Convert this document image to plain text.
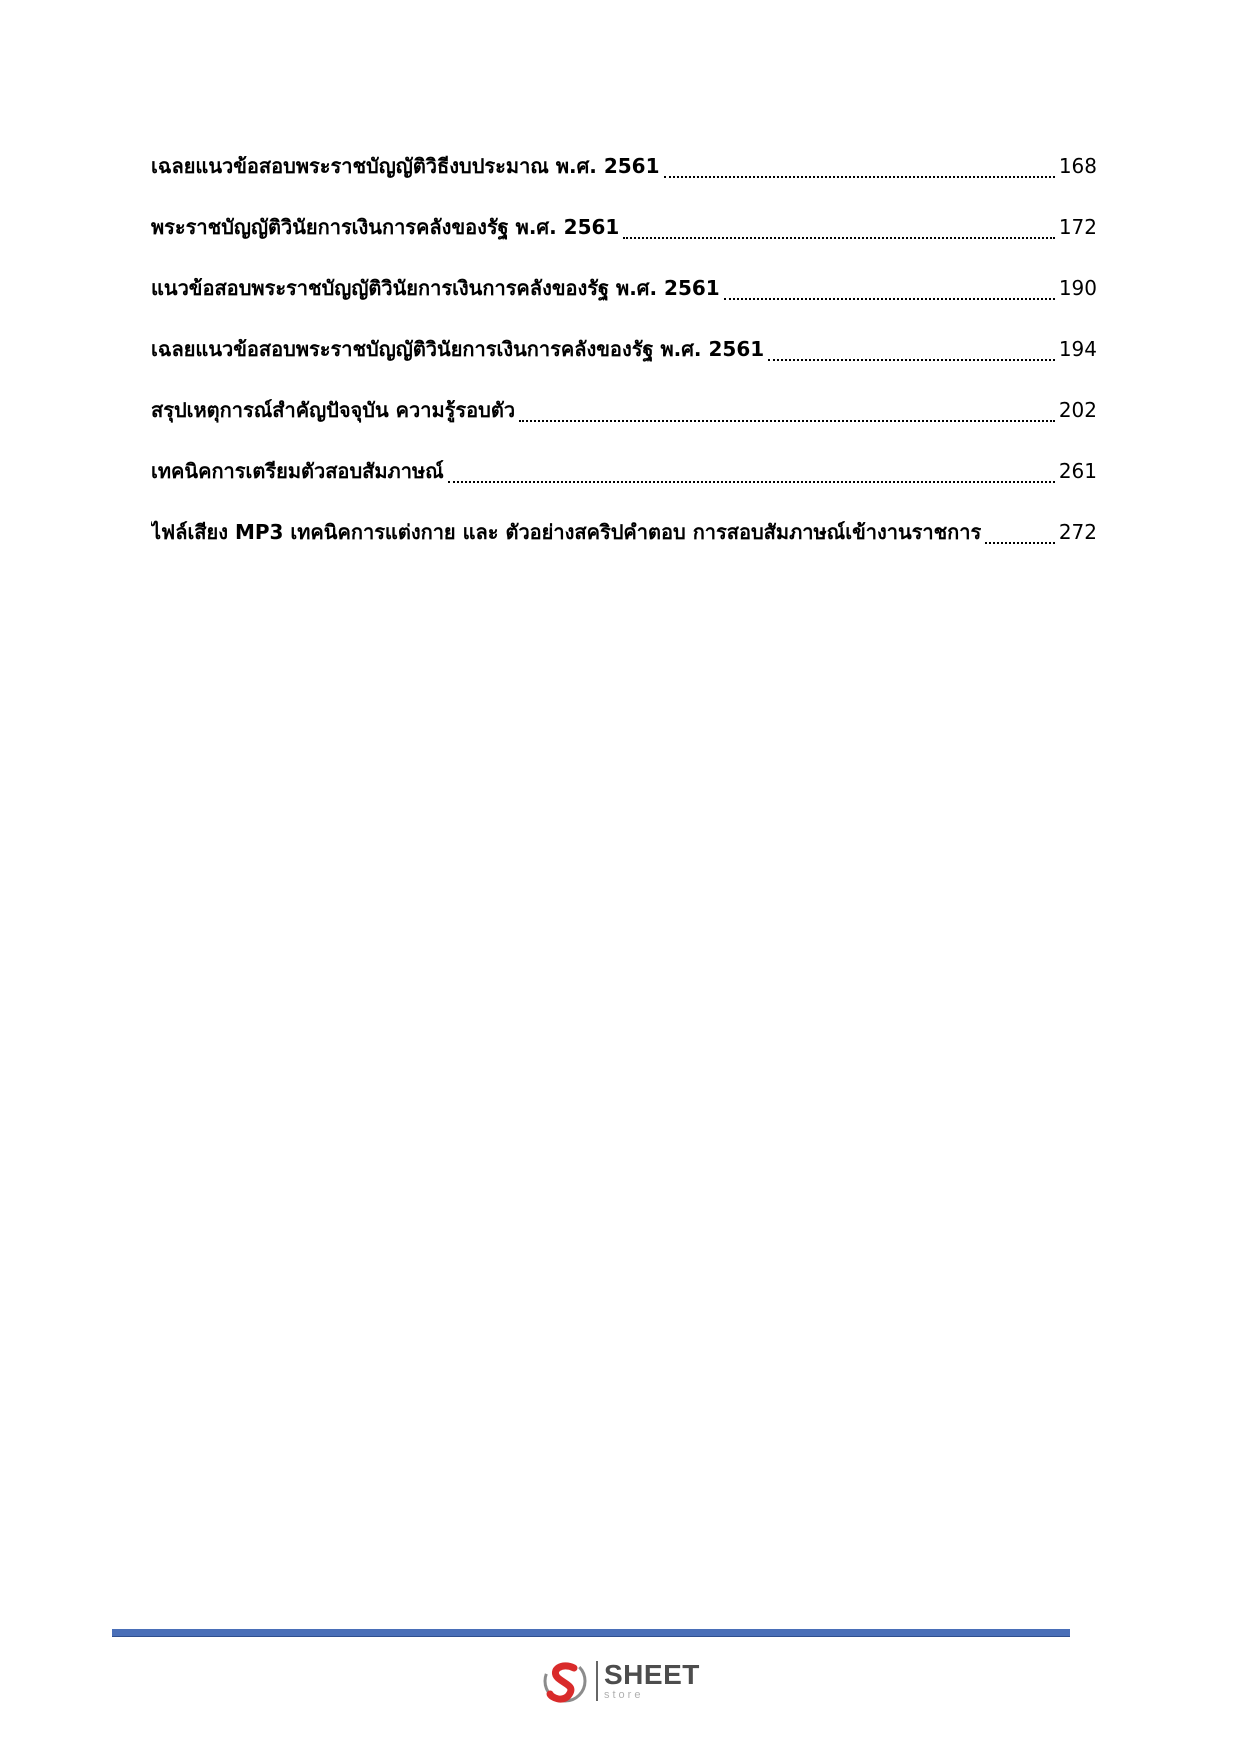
เฉลยแนวข้อสอบพระราชบัญญัติวิธีงบประมาณ พ.ศ. 2561	168
พระราชบัญญัติวินัยการเงินการคลังของรัฐ พ.ศ. 2561	172
แนวข้อสอบพระราชบัญญัติวินัยการเงินการคลังของรัฐ พ.ศ. 2561	190
เฉลยแนวข้อสอบพระราชบัญญัติวินัยการเงินการคลังของรัฐ พ.ศ. 2561	194
สรุปเหตุการณ์สำคัญปัจจุบัน ความรู้รอบตัว	202
เทคนิคการเตรียมตัวสอบสัมภาษณ์	261
ไฟล์เสียง MP3 เทคนิคการแต่งกาย และ ตัวอย่างสคริปคำตอบ การสอบสัมภาษณ์เข้างานราชการ	272
SHEET
store
